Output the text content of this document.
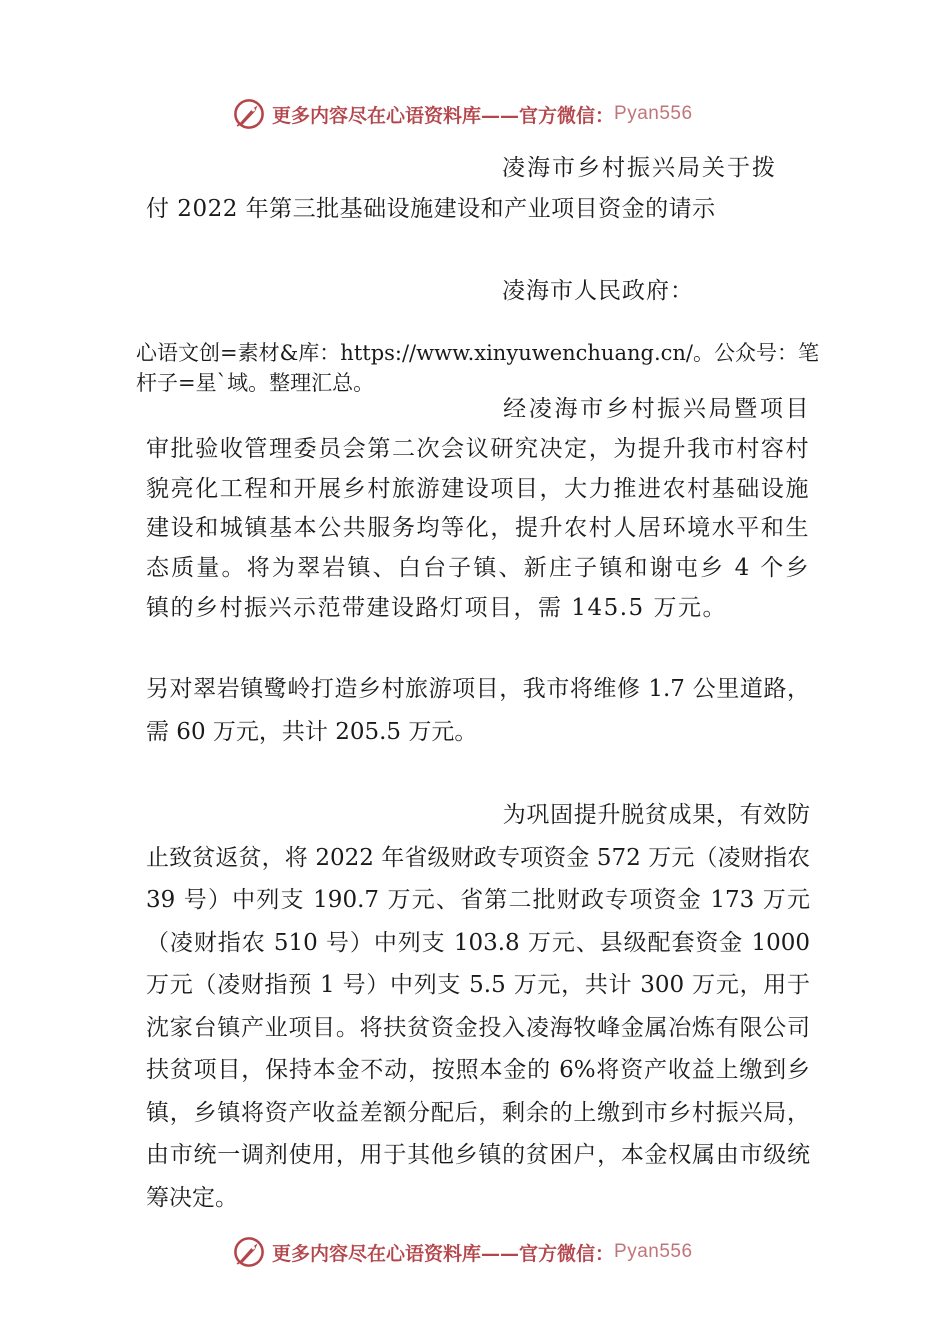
更多内容尽在心语资料库——官方微信： Pyan556
凌海市乡村振兴局关于拨
付 2022 年第三批基础设施建设和产业项目资金的请示
凌海市人民政府：
心语文创=素材&库：https://www.xinyuwenchuang.cn/。公众号：笔杆子=星`域。整理汇总。
经凌海市乡村振兴局暨项目审批验收管理委员会第二次会议研究决定，为提升我市村容村貌亮化工程和开展乡村旅游建设项目，大力推进农村基础设施建设和城镇基本公共服务均等化，提升农村人居环境水平和生态质量。将为翠岩镇、白台子镇、新庄子镇和谢屯乡 4 个乡镇的乡村振兴示范带建设路灯项目，需 145.5 万元。
另对翠岩镇鹭岭打造乡村旅游项目，我市将维修 1.7 公里道路，需 60 万元，共计 205.5 万元。
为巩固提升脱贫成果，有效防止致贫返贫，将 2022 年省级财政专项资金 572 万元（凌财指农 39 号）中列支 190.7 万元、省第二批财政专项资金 173 万元（凌财指农 510 号）中列支 103.8 万元、县级配套资金 1000 万元（凌财指预 1 号）中列支 5.5 万元，共计 300 万元，用于沈家台镇产业项目。将扶贫资金投入凌海牧峰金属冶炼有限公司扶贫项目，保持本金不动，按照本金的 6%将资产收益上缴到乡镇，乡镇将资产收益差额分配后，剩余的上缴到市乡村振兴局，由市统一调剂使用，用于其他乡镇的贫困户，本金权属由市级统筹决定。
更多内容尽在心语资料库——官方微信： Pyan556
